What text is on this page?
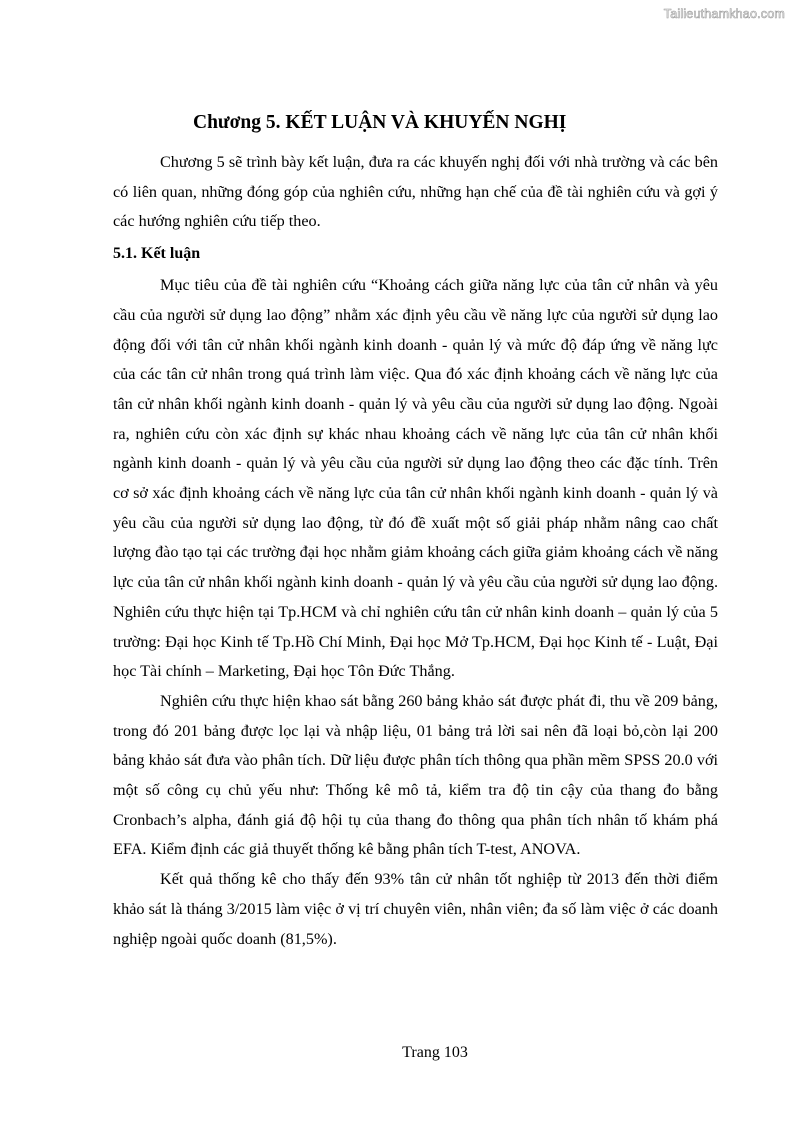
Tailieuthamkhao.com
Chương 5. KẾT LUẬN VÀ KHUYẾN NGHỊ

Chương 5 sẽ trình bày kết luận, đưa ra các khuyến nghị đối với nhà trường và các bên có liên quan, những đóng góp của nghiên cứu, những hạn chế của đề tài nghiên cứu và gợi ý các hướng nghiên cứu tiếp theo.

5.1. Kết luận

Mục tiêu của đề tài nghiên cứu “Khoảng cách giữa năng lực của tân cử nhân và yêu cầu của người sử dụng lao động” nhằm xác định yêu cầu về năng lực của người sử dụng lao động đối với tân cử nhân khối ngành kinh doanh - quản lý và mức độ đáp ứng về năng lực của các tân cử nhân trong quá trình làm việc. Qua đó xác định khoảng cách về năng lực của tân cử nhân khối ngành kinh doanh - quản lý và yêu cầu của người sử dụng lao động. Ngoài ra, nghiên cứu còn xác định sự khác nhau khoảng cách về năng lực của tân cử nhân khối ngành kinh doanh - quản lý và yêu cầu của người sử dụng lao động theo các đặc tính. Trên cơ sở xác định khoảng cách về năng lực của tân cử nhân khối ngành kinh doanh - quản lý và yêu cầu của người sử dụng lao động, từ đó đề xuất một số giải pháp nhằm nâng cao chất lượng đào tạo tại các trường đại học nhằm giảm khoảng cách giữa giảm khoảng cách về năng lực của tân cử nhân khối ngành kinh doanh - quản lý và yêu cầu của người sử dụng lao động. Nghiên cứu thực hiện tại Tp.HCM và chỉ nghiên cứu tân cử nhân kinh doanh – quản lý của 5 trường: Đại học Kinh tế Tp.Hồ Chí Minh, Đại học Mở Tp.HCM, Đại học Kinh tế - Luật, Đại học Tài chính – Marketing, Đại học Tôn Đức Thắng.

Nghiên cứu thực hiện khao sát bằng 260 bảng khảo sát được phát đi, thu về 209 bảng, trong đó 201 bảng được lọc lại và nhập liệu, 01 bảng trả lời sai nên đã loại bỏ,còn lại 200 bảng khảo sát đưa vào phân tích. Dữ liệu được phân tích thông qua phần mềm SPSS 20.0 với một số công cụ chủ yếu như: Thống kê mô tả, kiểm tra độ tin cậy của thang đo bằng Cronbach’s alpha, đánh giá độ hội tụ của thang đo thông qua phân tích nhân tố khám phá EFA. Kiểm định các giả thuyết thống kê bằng phân tích T-test, ANOVA.

Kết quả thống kê cho thấy đến 93% tân cử nhân tốt nghiệp từ 2013 đến thời điểm khảo sát là tháng 3/2015 làm việc ở vị trí chuyên viên, nhân viên; đa số làm việc ở các doanh nghiệp ngoài quốc doanh (81,5%).

Trang 103
